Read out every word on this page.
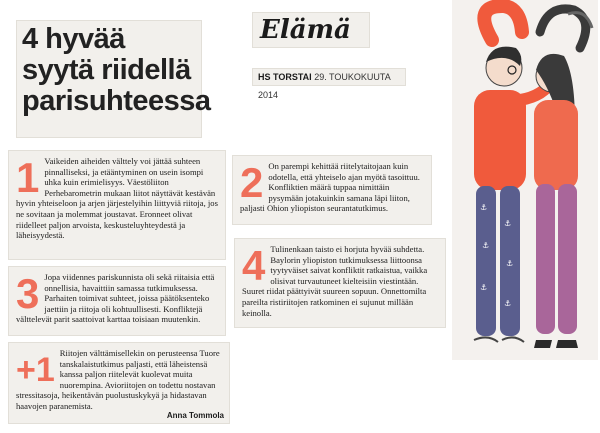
4 hyvää syytä riidellä parisuhteessa
Elämä
HS TORSTAI 29. TOUKOKUUTA 2014

1 Vaikeiden aiheiden välttely voi jättää suhteen pinnalliseksi, ja etääntyminen on usein isompi uhka kuin erimielisyys. Väestöliiton Perhebarometrin mukaan liitot näyttävät kestävän hyvin yhteiseloon ja arjen järjestelyihin liittyviä riitoja, jos ne sovitaan ja molemmat joustavat. Eronneet olivat riidelleet paljon arvoista, keskusteluyhteydestä ja läheisyydestä.

2 On parempi kehittää riitelytaitojaan kuin odotella, että yhteiselo ajan myötä tasoittuu. Konfliktien määrä tuppaa nimittäin pysymään jotakuinkin samana läpi liiton, paljasti Ohion yliopiston seurantatutkimus.

3 Jopa viidennes pariskunnista oli sekä riitaisia että onnellisia, havaittiin samassa tutkimuksessa. Parhaiten toimivat suhteet, joissa päätöksenteko jaettiin ja riitoja oli kohtuullisesti. Konfliktejä välttelevät parit saattoivat karttaa toisiaan muutenkin.

4 Tulinenkaan taisto ei horjuta hyvää suhdetta. Baylorin yliopiston tutkimuksessa liittoonsa tyytyväiset saivat konfliktit ratkaistua, vaikka olisivat turvautuneet kielteisiin viestintään. Suuret riidat päättyivät suureen sopuun. Onnettomilta pareilta ristiriitojen ratkominen ei sujunut millään keinolla.

+1 Riitojen välttämisellekin on perusteensa Tuore tanskalaistutkimus paljasti, että läheistensä kanssa paljon riitelevät kuolevat muita nuorempina. Avioriitojen on todettu nostavan stressitasoja, heikentävän puolustuskykyä ja hidastavan haavojen paranemista.

Anna Tommola
⚓
⚓
⚓
⚓
⚓
⚓
